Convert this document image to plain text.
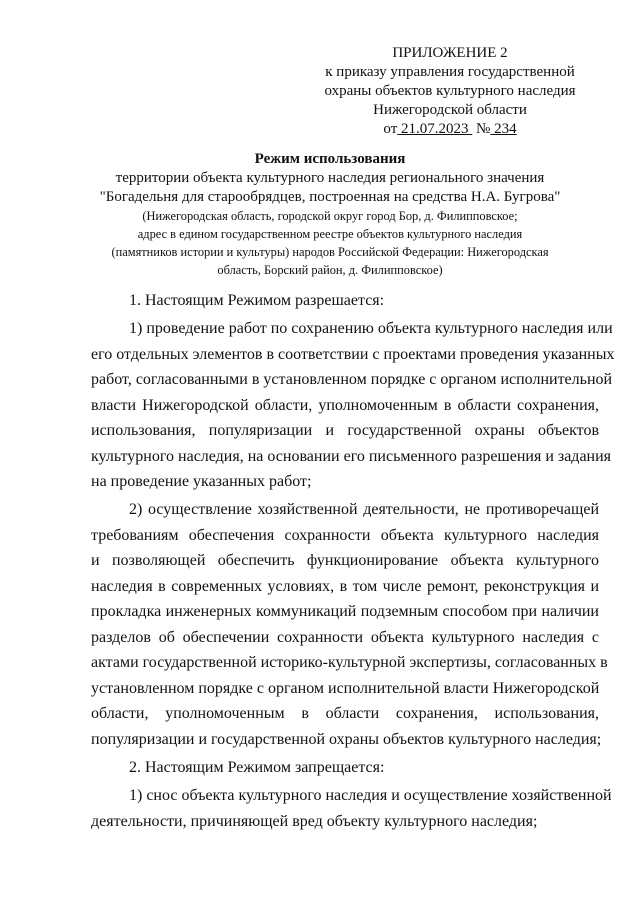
ПРИЛОЖЕНИЕ 2
к приказу управления государственной
охраны объектов культурного наследия
Нижегородской области
от 21.07.2023 № 234
Режим использования
территории объекта культурного наследия регионального значения
"Богадельня для старообрядцев, построенная на средства Н.А. Бугрова"
(Нижегородская область, городской округ город Бор, д. Филипповское;
адрес в едином государственном реестре объектов культурного наследия
(памятников истории и культуры) народов Российской Федерации: Нижегородская
область, Борский район, д. Филипповское)
1. Настоящим Режимом разрешается:
1) проведение работ по сохранению объекта культурного наследия или
его отдельных элементов в соответствии с проектами проведения указанных
работ, согласованными в установленном порядке с органом исполнительной
власти Нижегородской области, уполномоченным в области сохранения,
использования, популяризации и государственной охраны объектов
культурного наследия, на основании его письменного разрешения и задания
на проведение указанных работ;
2) осуществление хозяйственной деятельности, не противоречащей
требованиям обеспечения сохранности объекта культурного наследия
и позволяющей обеспечить функционирование объекта культурного
наследия в современных условиях, в том числе ремонт, реконструкция и
прокладка инженерных коммуникаций подземным способом при наличии
разделов об обеспечении сохранности объекта культурного наследия с
актами государственной историко-культурной экспертизы, согласованных в
установленном порядке с органом исполнительной власти Нижегородской
области, уполномоченным в области сохранения, использования,
популяризации и государственной охраны объектов культурного наследия;
2. Настоящим Режимом запрещается:
1) снос объекта культурного наследия и осуществление хозяйственной
деятельности, причиняющей вред объекту культурного наследия;
